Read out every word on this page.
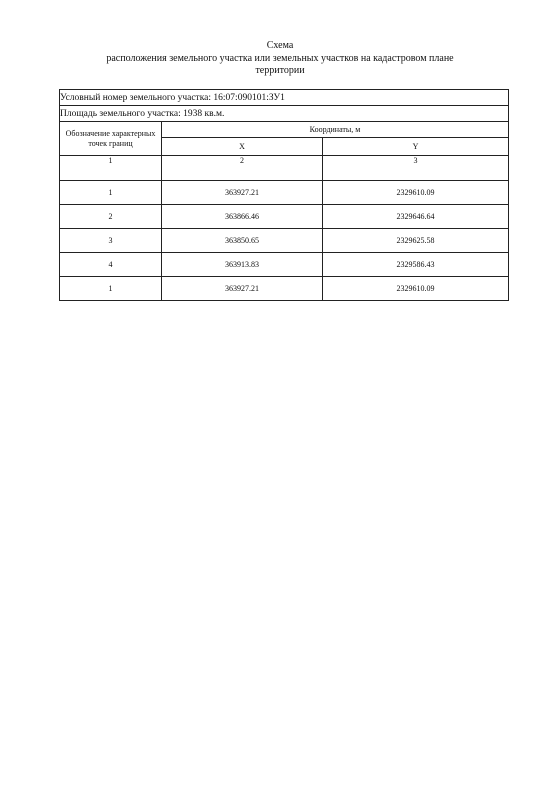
Схема
расположения земельного участка или земельных участков на кадастровом плане
территории
Условный номер земельного участка: 16:07:090101:ЗУ1		
Площадь земельного участка: 1938 кв.м.		
Обозначение характерных точек границ	Координаты, м	
	X	Y
1	2	3
1	363927.21	2329610.09
2	363866.46	2329646.64
3	363850.65	2329625.58
4	363913.83	2329586.43
1	363927.21	2329610.09
